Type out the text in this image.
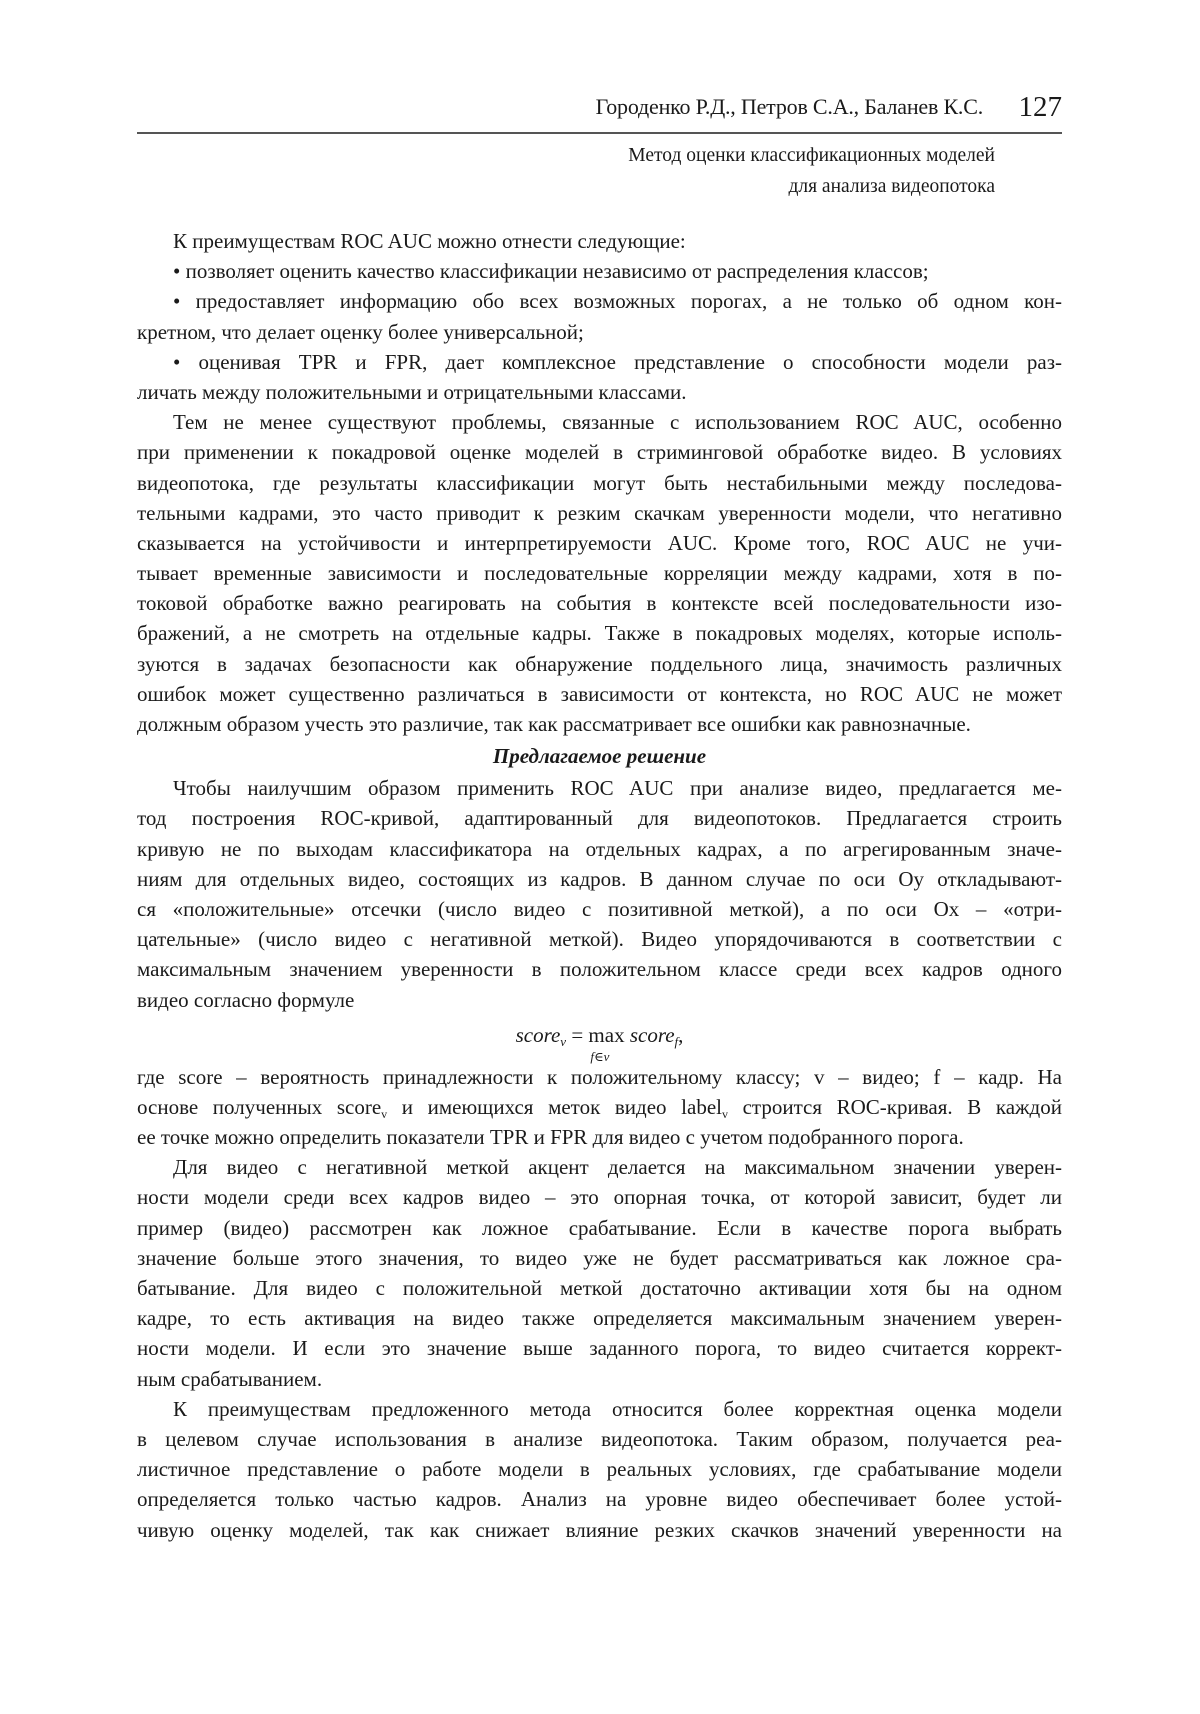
Городенко Р.Д., Петров С.А., Баланев К.С. 127
Метод оценки классификационных моделей
для анализа видеопотока
К преимуществам ROC AUC можно отнести следующие:
• позволяет оценить качество классификации независимо от распределения классов;
• предоставляет информацию обо всех возможных порогах, а не только об одном кон-
кретном, что делает оценку более универсальной;
• оценивая TPR и FPR, дает комплексное представление о способности модели раз-
личать между положительными и отрицательными классами.
Тем не менее существуют проблемы, связанные с использованием ROC AUC, особенно
при применении к покадровой оценке моделей в стриминговой обработке видео. В условиях
видеопотока, где результаты классификации могут быть нестабильными между последова-
тельными кадрами, это часто приводит к резким скачкам уверенности модели, что негативно
сказывается на устойчивости и интерпретируемости AUC. Кроме того, ROC AUC не учи-
тывает временные зависимости и последовательные корреляции между кадрами, хотя в по-
токовой обработке важно реагировать на события в контексте всей последовательности изо-
бражений, а не смотреть на отдельные кадры. Также в покадровых моделях, которые исполь-
зуются в задачах безопасности как обнаружение поддельного лица, значимость различных
ошибок может существенно различаться в зависимости от контекста, но ROC AUC не может
должным образом учесть это различие, так как рассматривает все ошибки как равнозначные.
Предлагаемое решение
Чтобы наилучшим образом применить ROC AUC при анализе видео, предлагается ме-
тод построения ROC-кривой, адаптированный для видеопотоков. Предлагается строить
кривую не по выходам классификатора на отдельных кадрах, а по агрегированным значе-
ниям для отдельных видео, состоящих из кадров. В данном случае по оси Oy откладывают-
ся «положительные» отсечки (число видео с позитивной меткой), а по оси Ox – «отри-
цательные» (число видео с негативной меткой). Видео упорядочиваются в соответствии с
максимальным значением уверенности в положительном классе среди всех кадров одного
видео согласно формуле
score$_v$ = max
f∈v
score$_f$,
где score – вероятность принадлежности к положительному классу; v – видео; f – кадр. На
основе полученных scorev и имеющихся меток видео labelv строится ROC-кривая. В каждой
ее точке можно определить показатели TPR и FPR для видео с учетом подобранного порога.
Для видео с негативной меткой акцент делается на максимальном значении уверен-
ности модели среди всех кадров видео – это опорная точка, от которой зависит, будет ли
пример (видео) рассмотрен как ложное срабатывание. Если в качестве порога выбрать
значение больше этого значения, то видео уже не будет рассматриваться как ложное сра-
батывание. Для видео с положительной меткой достаточно активации хотя бы на одном
кадре, то есть активация на видео также определяется максимальным значением уверен-
ности модели. И если это значение выше заданного порога, то видео считается коррект-
ным срабатыванием.
К преимуществам предложенного метода относится более корректная оценка модели
в целевом случае использования в анализе видеопотока. Таким образом, получается реа-
листичное представление о работе модели в реальных условиях, где срабатывание модели
определяется только частью кадров. Анализ на уровне видео обеспечивает более устой-
чивую оценку моделей, так как снижает влияние резких скачков значений уверенности на
